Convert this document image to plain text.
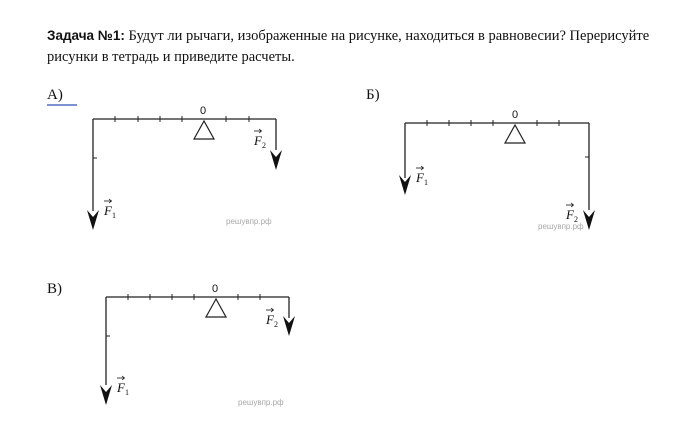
Задача №1: Будут ли рычаги, изображенные на рисунке, находиться в равновесии? Перерисуйте рисунки в тетрадь и приведите расчеты.

А)	Б)
В)
0
F 1
F 2
решувпр.рф
0
F 1
F 2
решувпр.рф
0
F 1
F 2
решувпр.рф
